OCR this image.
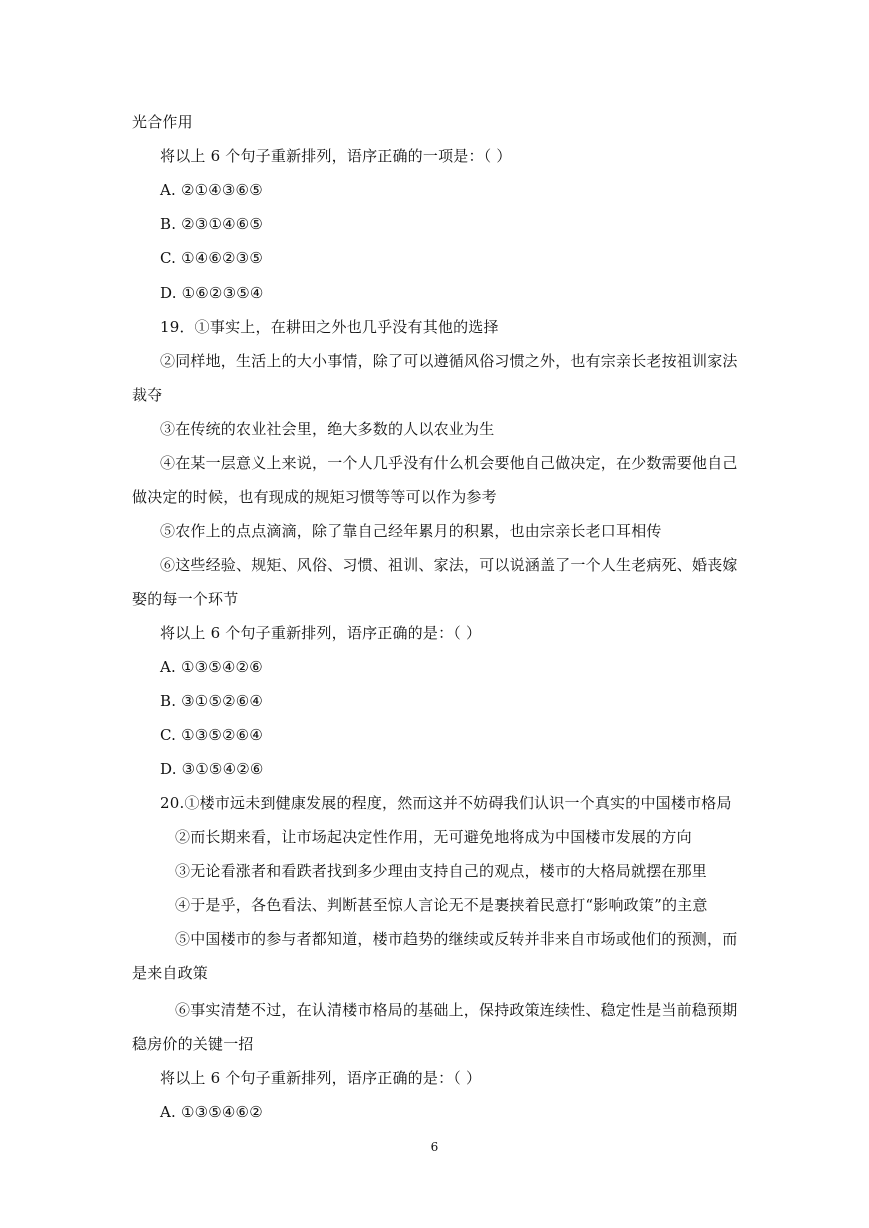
光合作用
将以上 6 个句子重新排列，语序正确的一项是：（ ）
A. ②①④③⑥⑤
B. ②③①④⑥⑤
C. ①④⑥②③⑤
D. ①⑥②③⑤④
19．①事实上，在耕田之外也几乎没有其他的选择
②同样地，生活上的大小事情，除了可以遵循风俗习惯之外，也有宗亲长老按祖训家法
裁夺
③在传统的农业社会里，绝大多数的人以农业为生
④在某一层意义上来说，一个人几乎没有什么机会要他自己做决定，在少数需要他自己
做决定的时候，也有现成的规矩习惯等等可以作为参考
⑤农作上的点点滴滴，除了靠自己经年累月的积累，也由宗亲长老口耳相传
⑥这些经验、规矩、风俗、习惯、祖训、家法，可以说涵盖了一个人生老病死、婚丧嫁
娶的每一个环节
将以上 6 个句子重新排列，语序正确的是：（ ）
A. ①③⑤④②⑥
B. ③①⑤②⑥④
C. ①③⑤②⑥④
D. ③①⑤④②⑥
20.①楼市远未到健康发展的程度，然而这并不妨碍我们认识一个真实的中国楼市格局
②而长期来看，让市场起决定性作用，无可避免地将成为中国楼市发展的方向
③无论看涨者和看跌者找到多少理由支持自己的观点，楼市的大格局就摆在那里
④于是乎，各色看法、判断甚至惊人言论无不是裹挟着民意打“影响政策”的主意
⑤中国楼市的参与者都知道，楼市趋势的继续或反转并非来自市场或他们的预测，而
是来自政策
⑥事实清楚不过，在认清楼市格局的基础上，保持政策连续性、稳定性是当前稳预期
稳房价的关键一招
将以上 6 个句子重新排列，语序正确的是：（ ）
A. ①③⑤④⑥②
6
